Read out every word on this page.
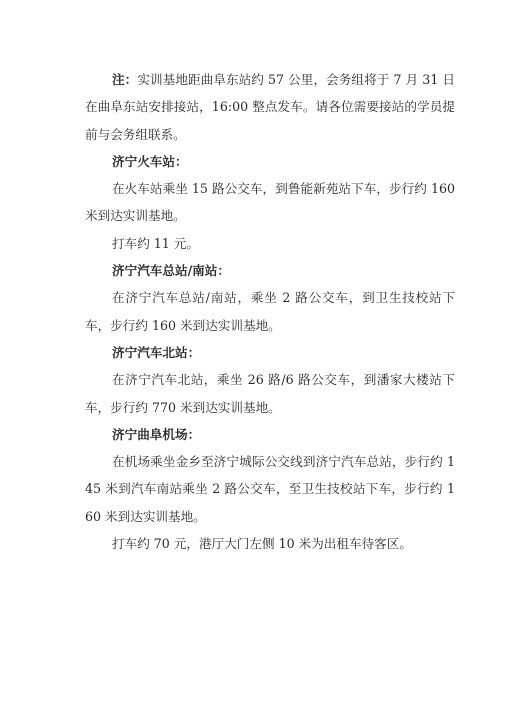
注：实训基地距曲阜东站约 57 公里，会务组将于 7 月 31 日在曲阜东站安排接站，16:00 整点发车。请各位需要接站的学员提前与会务组联系。

济宁火车站：

在火车站乘坐 15 路公交车，到鲁能新苑站下车，步行约 160 米到达实训基地。

打车约 11 元。

济宁汽车总站/南站：

在济宁汽车总站/南站，乘坐 2 路公交车，到卫生技校站下车，步行约 160 米到达实训基地。

济宁汽车北站：

在济宁汽车北站，乘坐 26 路/6 路公交车，到潘家大楼站下车，步行约 770 米到达实训基地。

济宁曲阜机场：

在机场乘坐金乡至济宁城际公交线到济宁汽车总站，步行约 145 米到汽车南站乘坐 2 路公交车，至卫生技校站下车，步行约 160 米到达实训基地。

打车约 70 元，港厅大门左侧 10 米为出租车待客区。
